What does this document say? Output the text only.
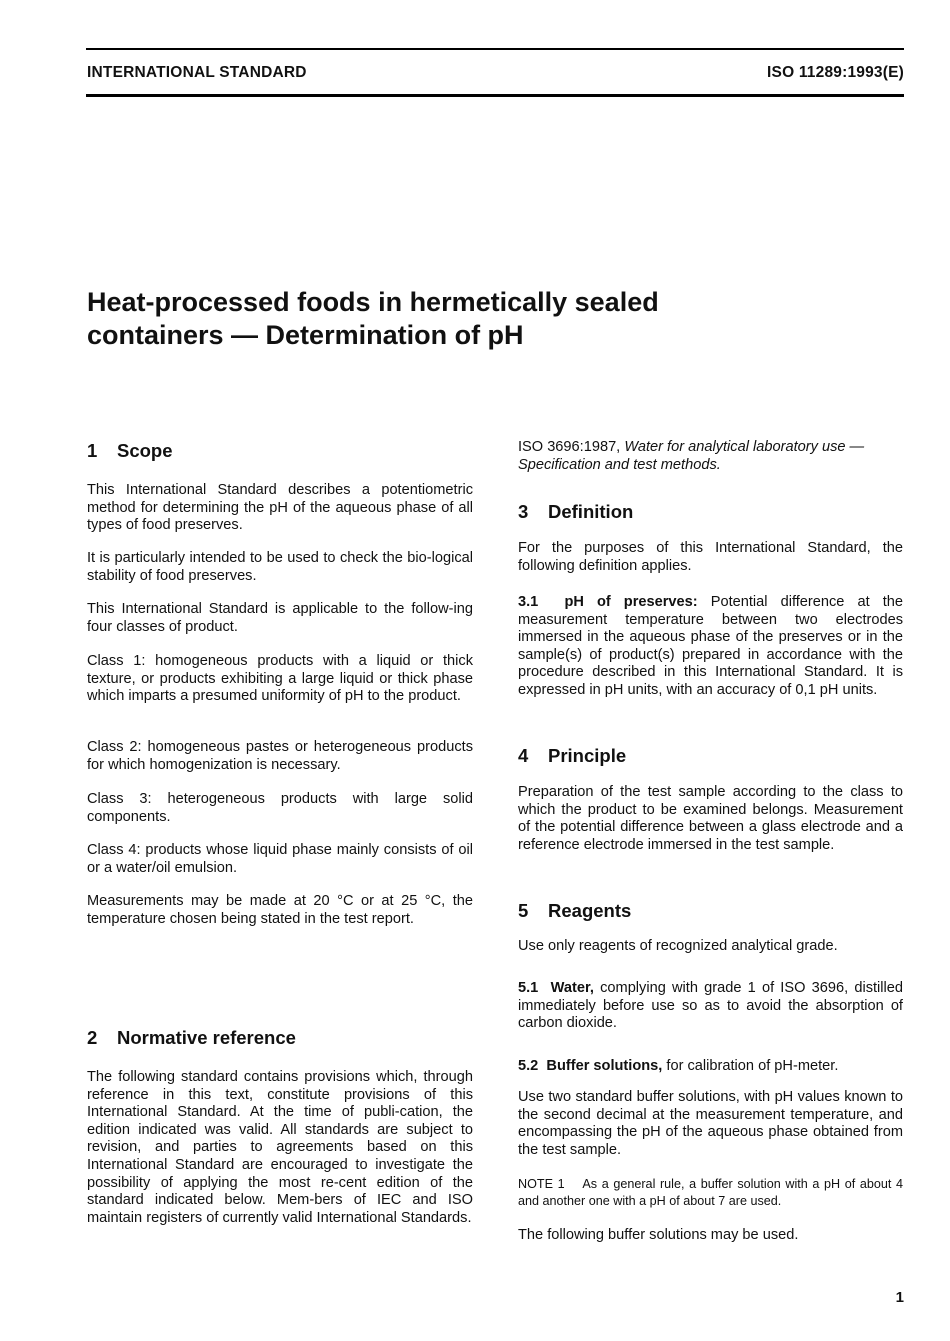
INTERNATIONAL STANDARD	ISO 11289:1993(E)
Heat-processed foods in hermetically sealed
containers — Determination of pH
1 Scope
This International Standard describes a potentiometric method for determining the pH of the aqueous phase of all types of food preserves.
It is particularly intended to be used to check the bio-logical stability of food preserves.
This International Standard is applicable to the follow-ing four classes of product.
Class 1: homogeneous products with a liquid or thick texture, or products exhibiting a large liquid or thick phase which imparts a presumed uniformity of pH to the product.
Class 2: homogeneous pastes or heterogeneous products for which homogenization is necessary.
Class 3: heterogeneous products with large solid components.
Class 4: products whose liquid phase mainly consists of oil or a water/oil emulsion.
Measurements may be made at 20 °C or at 25 °C, the temperature chosen being stated in the test report.
2 Normative reference
The following standard contains provisions which, through reference in this text, constitute provisions of this International Standard. At the time of publi-cation, the edition indicated was valid. All standards are subject to revision, and parties to agreements based on this International Standard are encouraged to investigate the possibility of applying the most re-cent edition of the standard indicated below. Mem-bers of IEC and ISO maintain registers of currently valid International Standards.
ISO 3696:1987, Water for analytical laboratory use — Specification and test methods.
3 Definition
For the purposes of this International Standard, the following definition applies.
3.1 pH of preserves: Potential difference at the measurement temperature between two electrodes immersed in the aqueous phase of the preserves or in the sample(s) of product(s) prepared in accordance with the procedure described in this International Standard. It is expressed in pH units, with an accuracy of 0,1 pH units.
4 Principle
Preparation of the test sample according to the class to which the product to be examined belongs. Measurement of the potential difference between a glass electrode and a reference electrode immersed in the test sample.
5 Reagents
Use only reagents of recognized analytical grade.
5.1 Water, complying with grade 1 of ISO 3696, distilled immediately before use so as to avoid the absorption of carbon dioxide.
5.2 Buffer solutions, for calibration of pH-meter.
Use two standard buffer solutions, with pH values known to the second decimal at the measurement temperature, and encompassing the pH of the aqueous phase obtained from the test sample.
NOTE 1 As a general rule, a buffer solution with a pH of about 4 and another one with a pH of about 7 are used.
The following buffer solutions may be used.
1
